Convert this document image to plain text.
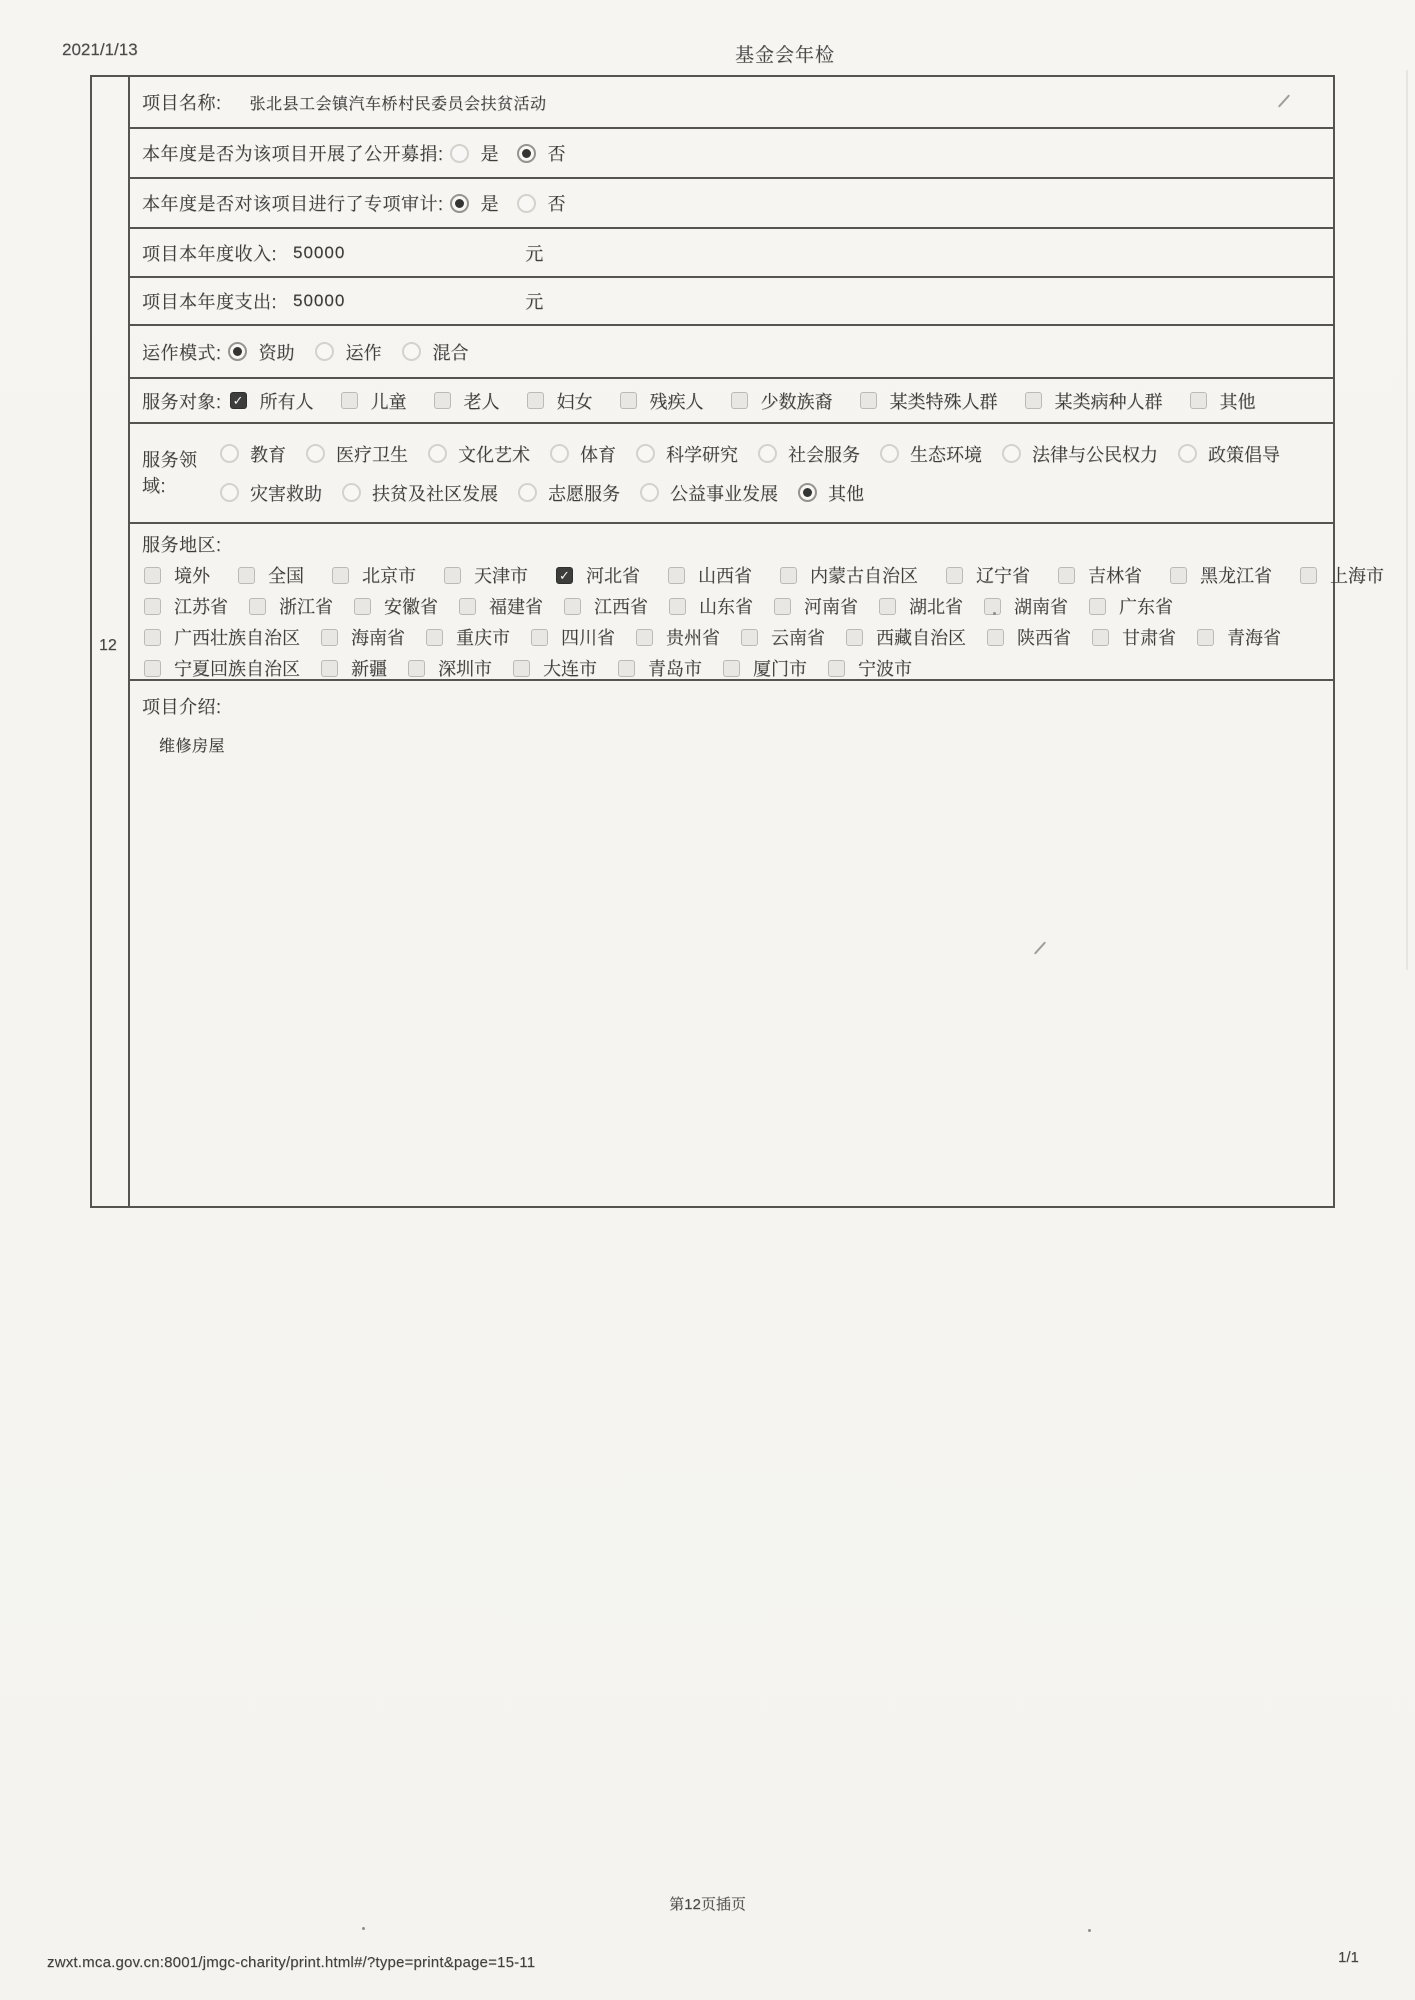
2021/1/13	基金会年检
12
项目名称: 张北县工会镇汽车桥村民委员会扶贫活动
本年度是否为该项目开展了公开募捐: 是	否
本年度是否对该项目进行了专项审计: 是	否
项目本年度收入: 50000	元
项目本年度支出: 50000	元
运作模式: 资助	运作	混合
服务对象: ✓ 所有人	儿童	老人	妇女	残疾人	少数族裔	某类特殊人群	某类病种人群	其他
服务领
域:
教育	医疗卫生	文化艺术	体育	科学研究	社会服务	生态环境	法律与公民权力	政策倡导
灾害救助	扶贫及社区发展	志愿服务	公益事业发展	其他
服务地区:
境外	全国	北京市	天津市 ✓ 河北省	山西省	内蒙古自治区	辽宁省	吉林省	黑龙江省	上海市
江苏省	浙江省	安徽省	福建省	江西省	山东省	河南省	湖北省	湖南省	广东省
广西壮族自治区	海南省	重庆市	四川省	贵州省	云南省	西藏自治区	陕西省	甘肃省	青海省
宁夏回族自治区	新疆	深圳市	大连市	青岛市	厦门市	宁波市
项目介绍:
维修房屋
第12页插页
zwxt.mca.gov.cn:8001/jmgc-charity/print.html#/?type=print&page=15-11	1/1
